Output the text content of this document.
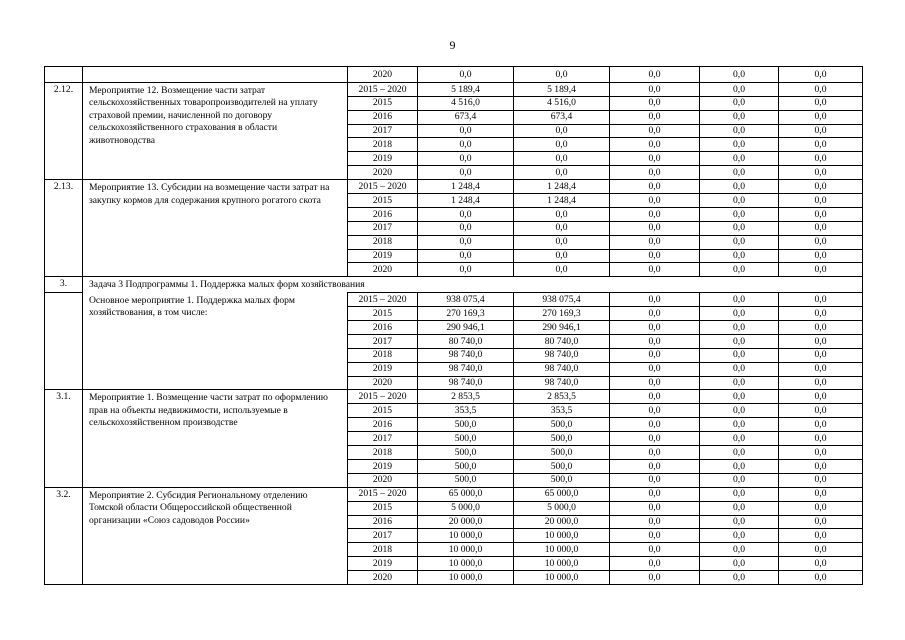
9
		2020	0,0	0,0	0,0	0,0	0,0
2.12.	Мероприятие 12. Возмещение части затрат сельскохозяйственных товаропроизводителей на уплату страховой премии, начисленной по договору сельскохозяйственного страхования в области животноводства	2015 – 2020	5 189,4	5 189,4	0,0	0,0	0,0
		2015	4 516,0	4 516,0	0,0	0,0	0,0
		2016	673,4	673,4	0,0	0,0	0,0
		2017	0,0	0,0	0,0	0,0	0,0
		2018	0,0	0,0	0,0	0,0	0,0
		2019	0,0	0,0	0,0	0,0	0,0
		2020	0,0	0,0	0,0	0,0	0,0
2.13.	Мероприятие 13. Субсидии на возмещение части затрат на закупку кормов для содержания крупного рогатого скота	2015 – 2020	1 248,4	1 248,4	0,0	0,0	0,0
		2015	1 248,4	1 248,4	0,0	0,0	0,0
		2016	0,0	0,0	0,0	0,0	0,0
		2017	0,0	0,0	0,0	0,0	0,0
		2018	0,0	0,0	0,0	0,0	0,0
		2019	0,0	0,0	0,0	0,0	0,0
		2020	0,0	0,0	0,0	0,0	0,0
3.	Задача 3 Подпрограммы 1. Поддержка малых форм хозяйствования						
	Основное мероприятие 1. Поддержка малых форм хозяйствования, в том числе:	2015 – 2020	938 075,4	938 075,4	0,0	0,0	0,0
		2015	270 169,3	270 169,3	0,0	0,0	0,0
		2016	290 946,1	290 946,1	0,0	0,0	0,0
		2017	80 740,0	80 740,0	0,0	0,0	0,0
		2018	98 740,0	98 740,0	0,0	0,0	0,0
		2019	98 740,0	98 740,0	0,0	0,0	0,0
		2020	98 740,0	98 740,0	0,0	0,0	0,0
3.1.	Мероприятие 1. Возмещение части затрат по оформлению прав на объекты недвижимости, используемые в сельскохозяйственном производстве	2015 – 2020	2 853,5	2 853,5	0,0	0,0	0,0
		2015	353,5	353,5	0,0	0,0	0,0
		2016	500,0	500,0	0,0	0,0	0,0
		2017	500,0	500,0	0,0	0,0	0,0
		2018	500,0	500,0	0,0	0,0	0,0
		2019	500,0	500,0	0,0	0,0	0,0
		2020	500,0	500,0	0,0	0,0	0,0
3.2.	Мероприятие 2. Субсидия Региональному отделению Томской области Общероссийской общественной организации «Союз садоводов России»	2015 – 2020	65 000,0	65 000,0	0,0	0,0	0,0
		2015	5 000,0	5 000,0	0,0	0,0	0,0
		2016	20 000,0	20 000,0	0,0	0,0	0,0
		2017	10 000,0	10 000,0	0,0	0,0	0,0
		2018	10 000,0	10 000,0	0,0	0,0	0,0
		2019	10 000,0	10 000,0	0,0	0,0	0,0
		2020	10 000,0	10 000,0	0,0	0,0	0,0
